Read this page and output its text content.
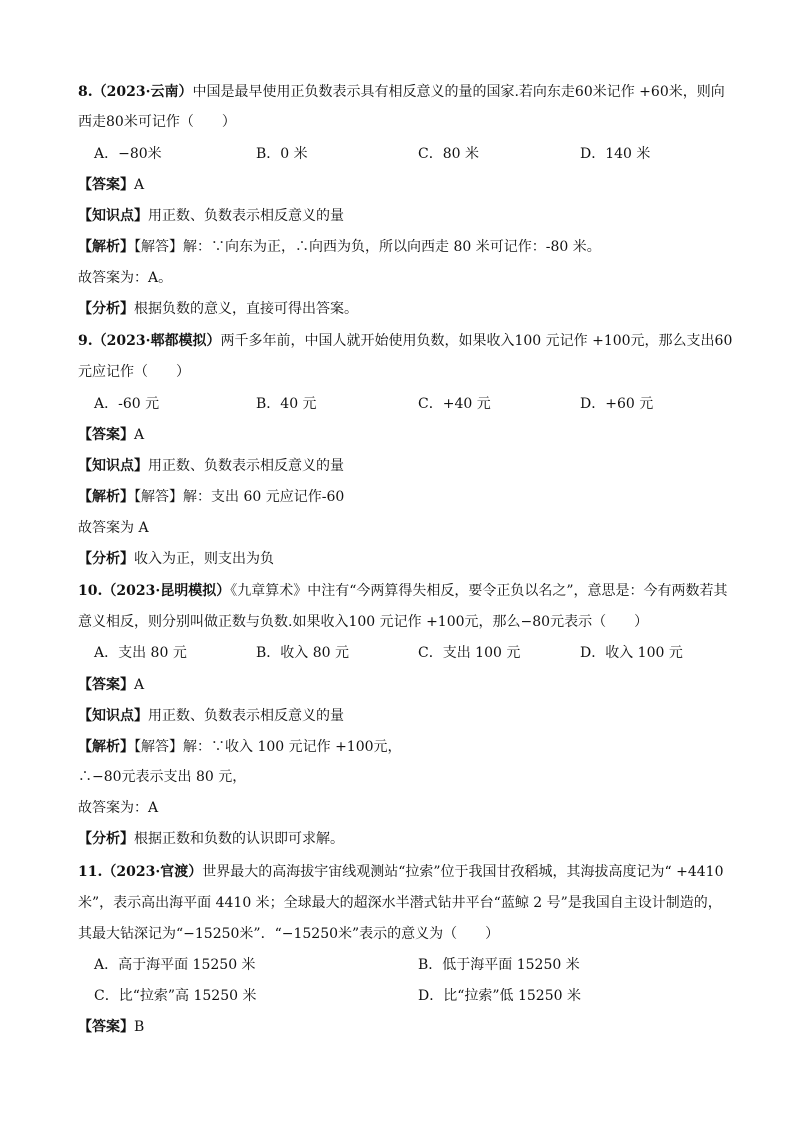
8.（2023·云南）中国是最早使用正负数表示具有相反意义的量的国家.若向东走60米记作 +60米，则向
西走80米可记作（　　）
A．−80米	B．0 米	C．80 米	D．140 米
【答案】A
【知识点】用正数、负数表示相反意义的量
【解析】【解答】解：∵向东为正，∴向西为负，所以向西走 80 米可记作：-80 米。
故答案为：A。
【分析】根据负数的意义，直接可得出答案。
9.（2023·郫都模拟）两千多年前，中国人就开始使用负数，如果收入100 元记作 +100元，那么支出60
元应记作（　　）
A．-60 元	B．40 元	C．+40 元	D．+60 元
【答案】A
【知识点】用正数、负数表示相反意义的量
【解析】【解答】解：支出 60 元应记作-60
故答案为 A
【分析】收入为正，则支出为负
10.（2023·昆明模拟）《九章算术》中注有“今两算得失相反，要令正负以名之”，意思是：今有两数若其
意义相反，则分别叫做正数与负数.如果收入100 元记作 +100元，那么−80元表示（　　）
A．支出 80 元	B．收入 80 元	C．支出 100 元	D．收入 100 元
【答案】A
【知识点】用正数、负数表示相反意义的量
【解析】【解答】解：∵收入 100 元记作 +100元，
∴−80元表示支出 80 元，
故答案为：A
【分析】根据正数和负数的认识即可求解。
11.（2023·官渡）世界最大的高海拔宇宙线观测站“拉索”位于我国甘孜稻城，其海拔高度记为“ +4410
米”，表示高出海平面 4410 米；全球最大的超深水半潜式钻井平台“蓝鲸 2 号”是我国自主设计制造的，
其最大钻深记为“−15250米”．“−15250米”表示的意义为（　　）
A．高于海平面 15250 米	B．低于海平面 15250 米
C．比“拉索”高 15250 米	D．比“拉索”低 15250 米
【答案】B
